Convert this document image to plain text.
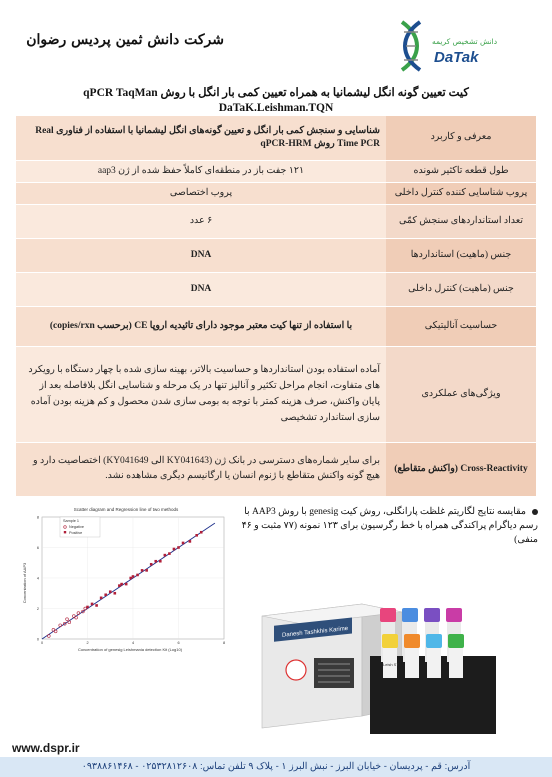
شرکت دانش ثمین پردیس رضوان	دانش تشخیص کریمه
DaTak
کیت تعیین گونه انگل لیشمانیا به همراه تعیین کمی بار انگل با روش qPCR TaqMan
DaTaK.Leishman.TQN
معرفی و کاربرد	شناسایی و سنجش کمی بار انگل و تعیین گونه‌های انگل لیشمانیا با استفاده از فناوری Real Time PCR روش qPCR-HRM
طول قطعه تاکثیر شونده	۱۲۱ جفت باز در منطقه‌ای کاملاً حفظ شده از ژن aap3
پروب شناسایی کننده کنترل داخلی	پروب اختصاصی
تعداد استانداردهای سنجش کمّی	۶ عدد
جنس (ماهیت) استانداردها	DNA
جنس (ماهیت) کنترل داخلی	DNA
حساسیت آنالیتیکی	با استفاده از تنها کیت معتبر موجود دارای تائیدیه اروپا CE (برحسب copies/rxn)
ویژگی‌های عملکردی	آماده استفاده بودن استانداردها و حساسیت بالاتر، بهینه سازی شده با چهار دستگاه با رویکرد های متفاوت، انجام مراحل تکثیر و آنالیز تنها در یک مرحله و شناسایی انگل بلافاصله بعد از پایان واکنش، صرف هزینه کمتر با توجه به بومی سازی شدن محصول و کم هزینه بودن آماده سازی استاندارد تشخیصی
Cross-Reactivity (واکنش متقاطع)	برای سایر شماره‌های دسترسی در بانک ژن (KY041643 الی KY041649) اختصاصیت دارد و هیچ گونه واکنش متقاطع با ژنوم انسان یا ارگانیسم دیگری مشاهده نشد.
Scatter diagram and Regression line of two methods
0	2	4	6	8
0
2
4
6
8
Concentration of genesig Leishmania detection Kit (Log10)
Concentration of AAP3
Sample 1
Negative
Positive
مقایسه نتایج لگاریتم غلظت پارانگلی، روش کیت genesig با روش AAP3 با رسم دیاگرام پراکندگی همراه با خط رگرسیون برای ۱۲۳ نمونه (۷۷ مثبت و ۴۶ منفی)
Danesh Tashkhis Karime
Leish ST
www.dspr.ir
آدرس: قم - پردیسان - خیابان البرز - نبش البرز ۱ - پلاک ۹ تلفن تماس: ۰۲۵۳۲۸۱۲۶۰۸ - ۰۹۳۸۸۶۱۴۶۸
